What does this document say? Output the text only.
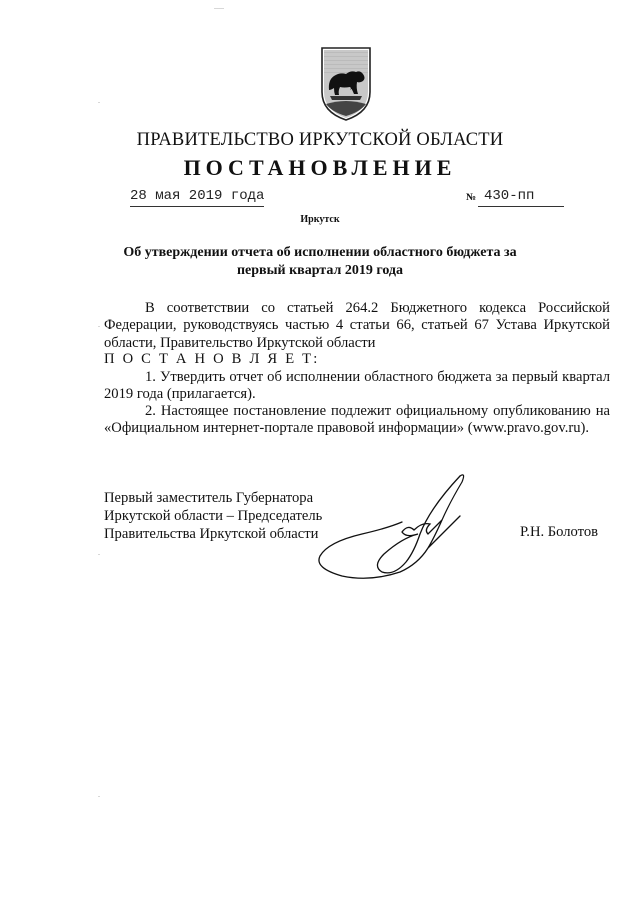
ПРАВИТЕЛЬСТВО ИРКУТСКОЙ ОБЛАСТИ
ПОСТАНОВЛЕНИЕ
28 мая 2019 года	№ 430-пп
Иркутск
Об утверждении отчета об исполнении областного бюджета за первый квартал 2019 года
В соответствии со статьей 264.2 Бюджетного кодекса Российской Федерации, руководствуясь частью 4 статьи 66, статьей 67 Устава Иркутской области, Правительство Иркутской области
П О С Т А Н О В Л Я Е Т:
1. Утвердить отчет об исполнении областного бюджета за первый квартал 2019 года (прилагается).
2. Настоящее постановление подлежит официальному опубликованию на «Официальном интернет-портале правовой информации» (www.pravo.gov.ru).
Первый заместитель Губернатора
Иркутской области – Председатель
Правительства Иркутской области	Р.Н. Болотов
.....
.
.
.
.
